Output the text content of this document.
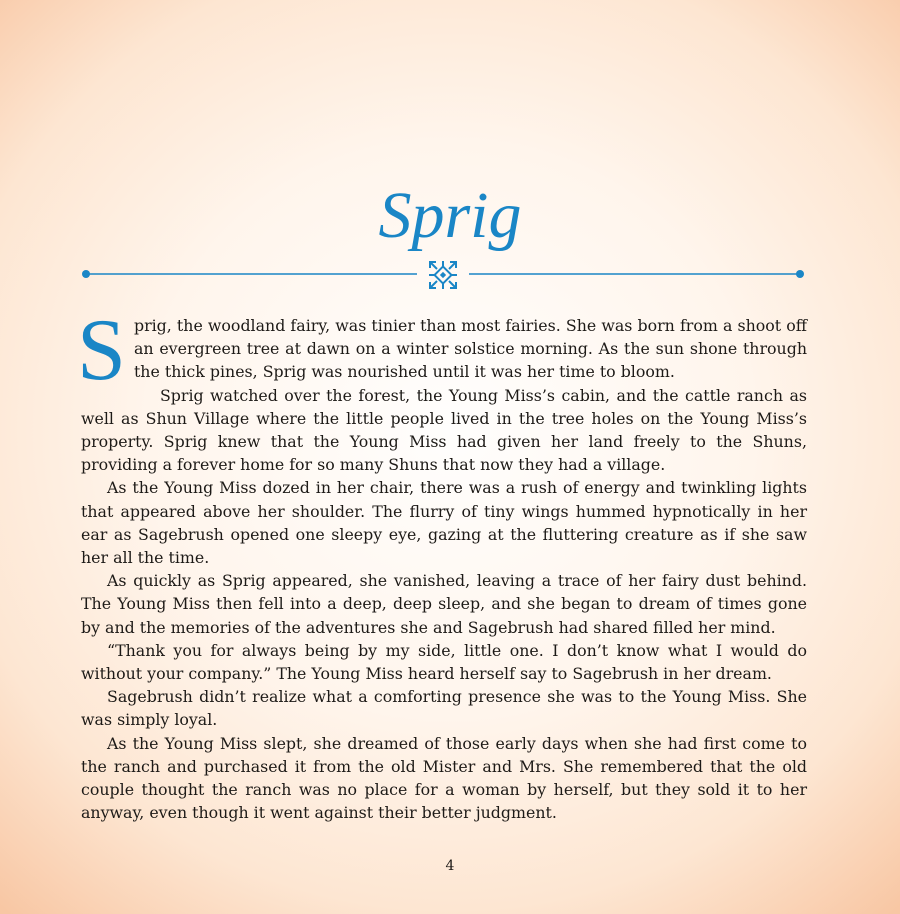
Sprig

Sprig, the woodland fairy, was tinier than most fairies. She was born from a shoot off an evergreen tree at dawn on a winter solstice morning. As the sun shone through the thick pines, Sprig was nourished until it was her time to bloom.

Sprig watched over the forest, the Young Miss’s cabin, and the cattle ranch as well as Shun Village where the little people lived in the tree holes on the Young Miss’s property. Sprig knew that the Young Miss had given her land freely to the Shuns, providing a forever home for so many Shuns that now they had a village.

As the Young Miss dozed in her chair, there was a rush of energy and twinkling lights that appeared above her shoulder. The flurry of tiny wings hummed hypnotically in her ear as Sagebrush opened one sleepy eye, gazing at the fluttering creature as if she saw her all the time.

As quickly as Sprig appeared, she vanished, leaving a trace of her fairy dust behind. The Young Miss then fell into a deep, deep sleep, and she began to dream of times gone by and the memories of the adventures she and Sagebrush had shared filled her mind.

“Thank you for always being by my side, little one. I don’t know what I would do without your company.” The Young Miss heard herself say to Sagebrush in her dream.

Sagebrush didn’t realize what a comforting presence she was to the Young Miss. She was simply loyal.

As the Young Miss slept, she dreamed of those early days when she had first come to the ranch and purchased it from the old Mister and Mrs. She remembered that the old couple thought the ranch was no place for a woman by herself, but they sold it to her anyway, even though it went against their better judgment.

4
